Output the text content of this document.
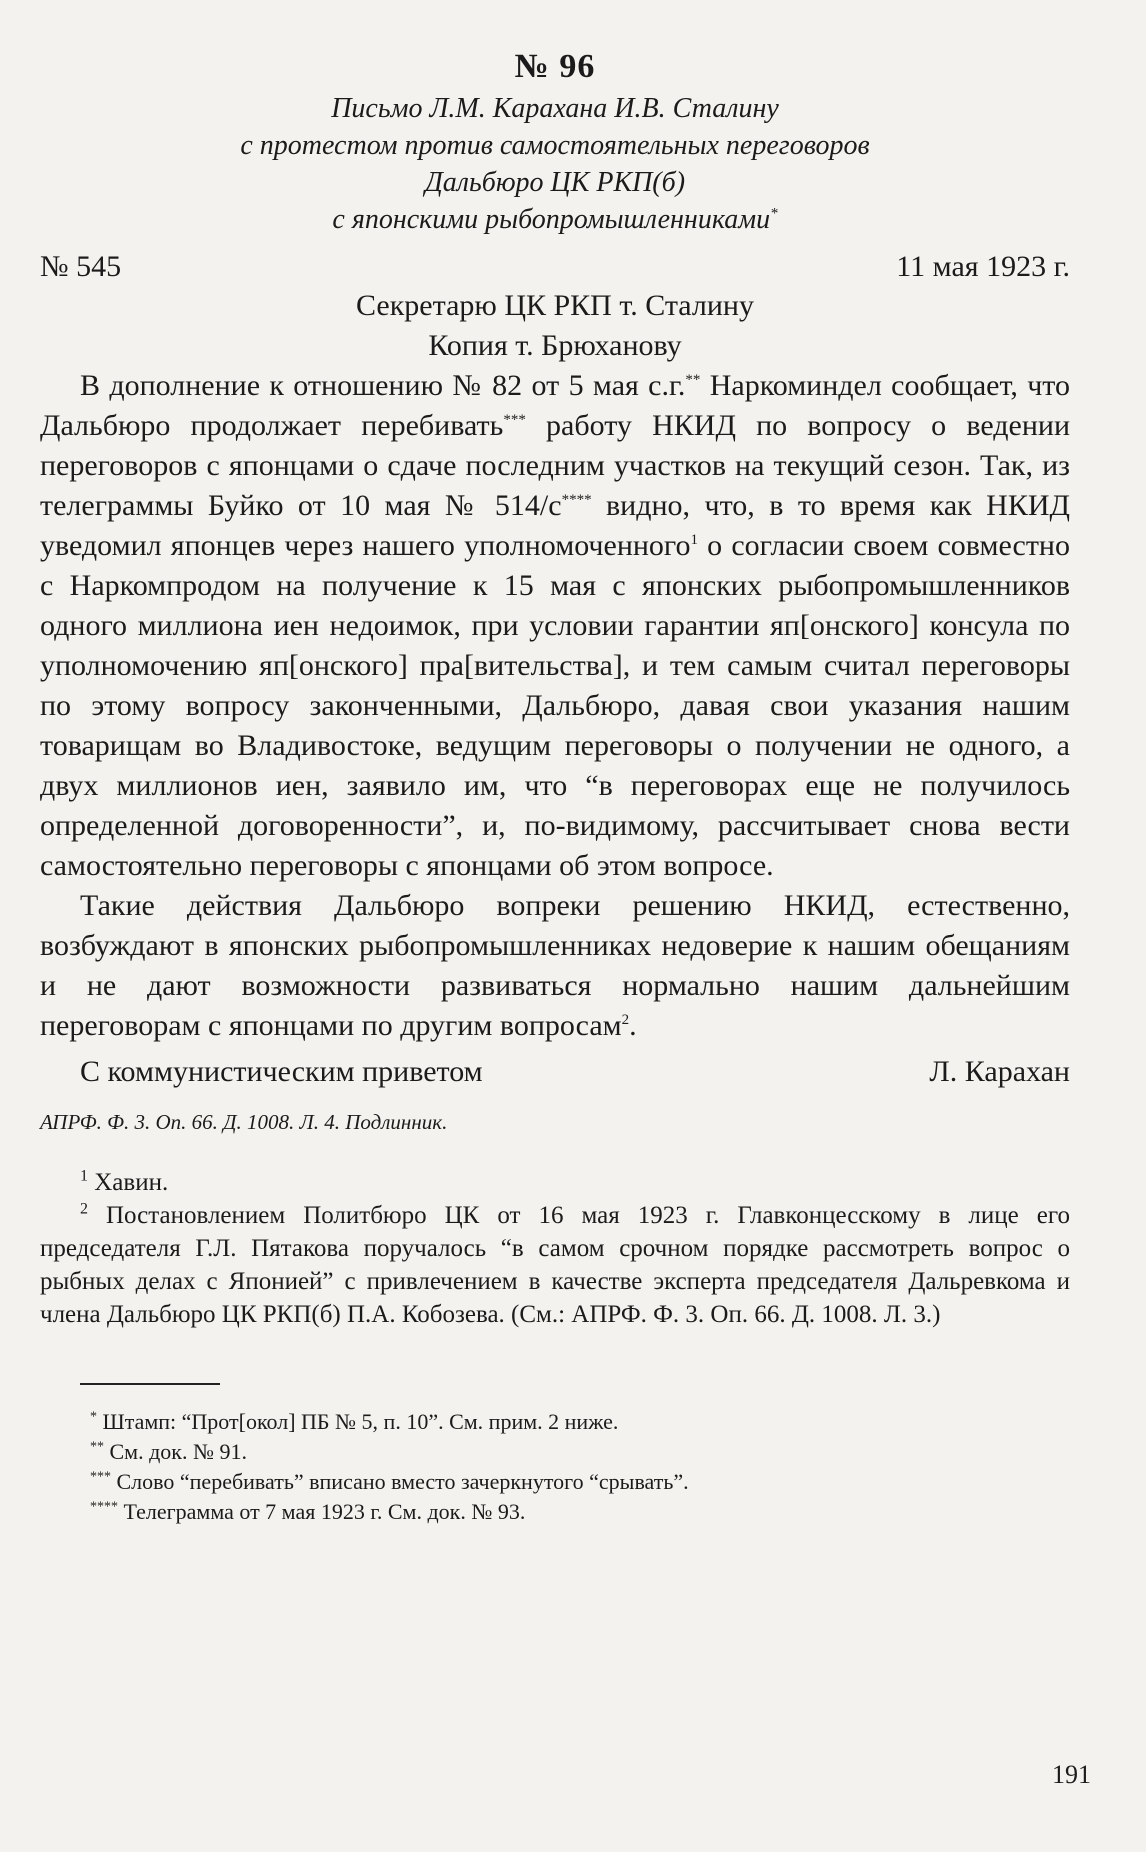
№ 96
Письмо Л.М. Карахана И.В. Сталину
с протестом против самостоятельных переговоров
Дальбюро ЦК РКП(б)
с японскими рыбопромышленниками*
№ 545	11 мая 1923 г.
Секретарю ЦК РКП т. Сталину
Копия т. Брюханову

В дополнение к отношению № 82 от 5 мая с.г.** Наркоминдел сообщает, что Дальбюро продолжает перебивать*** работу НКИД по вопросу о ведении переговоров с японцами о сдаче последним участков на текущий сезон. Так, из телеграммы Буйко от 10 мая № 514/с**** видно, что, в то время как НКИД уведомил японцев через нашего уполномоченного$^1$ о согласии своем совместно с Наркомпродом на получение к 15 мая с японских рыбопромышленников одного миллиона иен недоимок, при условии гарантии яп[онского] консула по уполномочению яп[онского] пра[вительства], и тем самым считал переговоры по этому вопросу законченными, Дальбюро, давая свои указания нашим товарищам во Владивостоке, ведущим переговоры о получении не одного, а двух миллионов иен, заявило им, что “в переговорах еще не получилось определенной договоренности”, и, по-видимому, рассчитывает снова вести самостоятельно переговоры с японцами об этом вопросе.

Такие действия Дальбюро вопреки решению НКИД, естественно, возбуждают в японских рыбопромышленниках недоверие к нашим обещаниям и не дают возможности развиваться нормально нашим дальнейшим переговорам с японцами по другим вопросам$^2$.

С коммунистическим приветом	Л. Карахан
АПРФ. Ф. 3. Оп. 66. Д. 1008. Л. 4. Подлинник.
$^1$ Хавин.
$^2$ Постановлением Политбюро ЦК от 16 мая 1923 г. Главконцесскому в лице его председателя Г.Л. Пятакова поручалось “в самом срочном порядке рассмотреть вопрос о рыбных делах с Японией” с привлечением в качестве эксперта председателя Дальревкома и члена Дальбюро ЦК РКП(б) П.А. Кобозева. (См.: АПРФ. Ф. 3. Оп. 66. Д. 1008. Л. 3.)
* Штамп: “Прот[окол] ПБ № 5, п. 10”. См. прим. 2 ниже.
** См. док. № 91.
*** Слово “перебивать” вписано вместо зачеркнутого “срывать”.
**** Телеграмма от 7 мая 1923 г. См. док. № 93.
191
